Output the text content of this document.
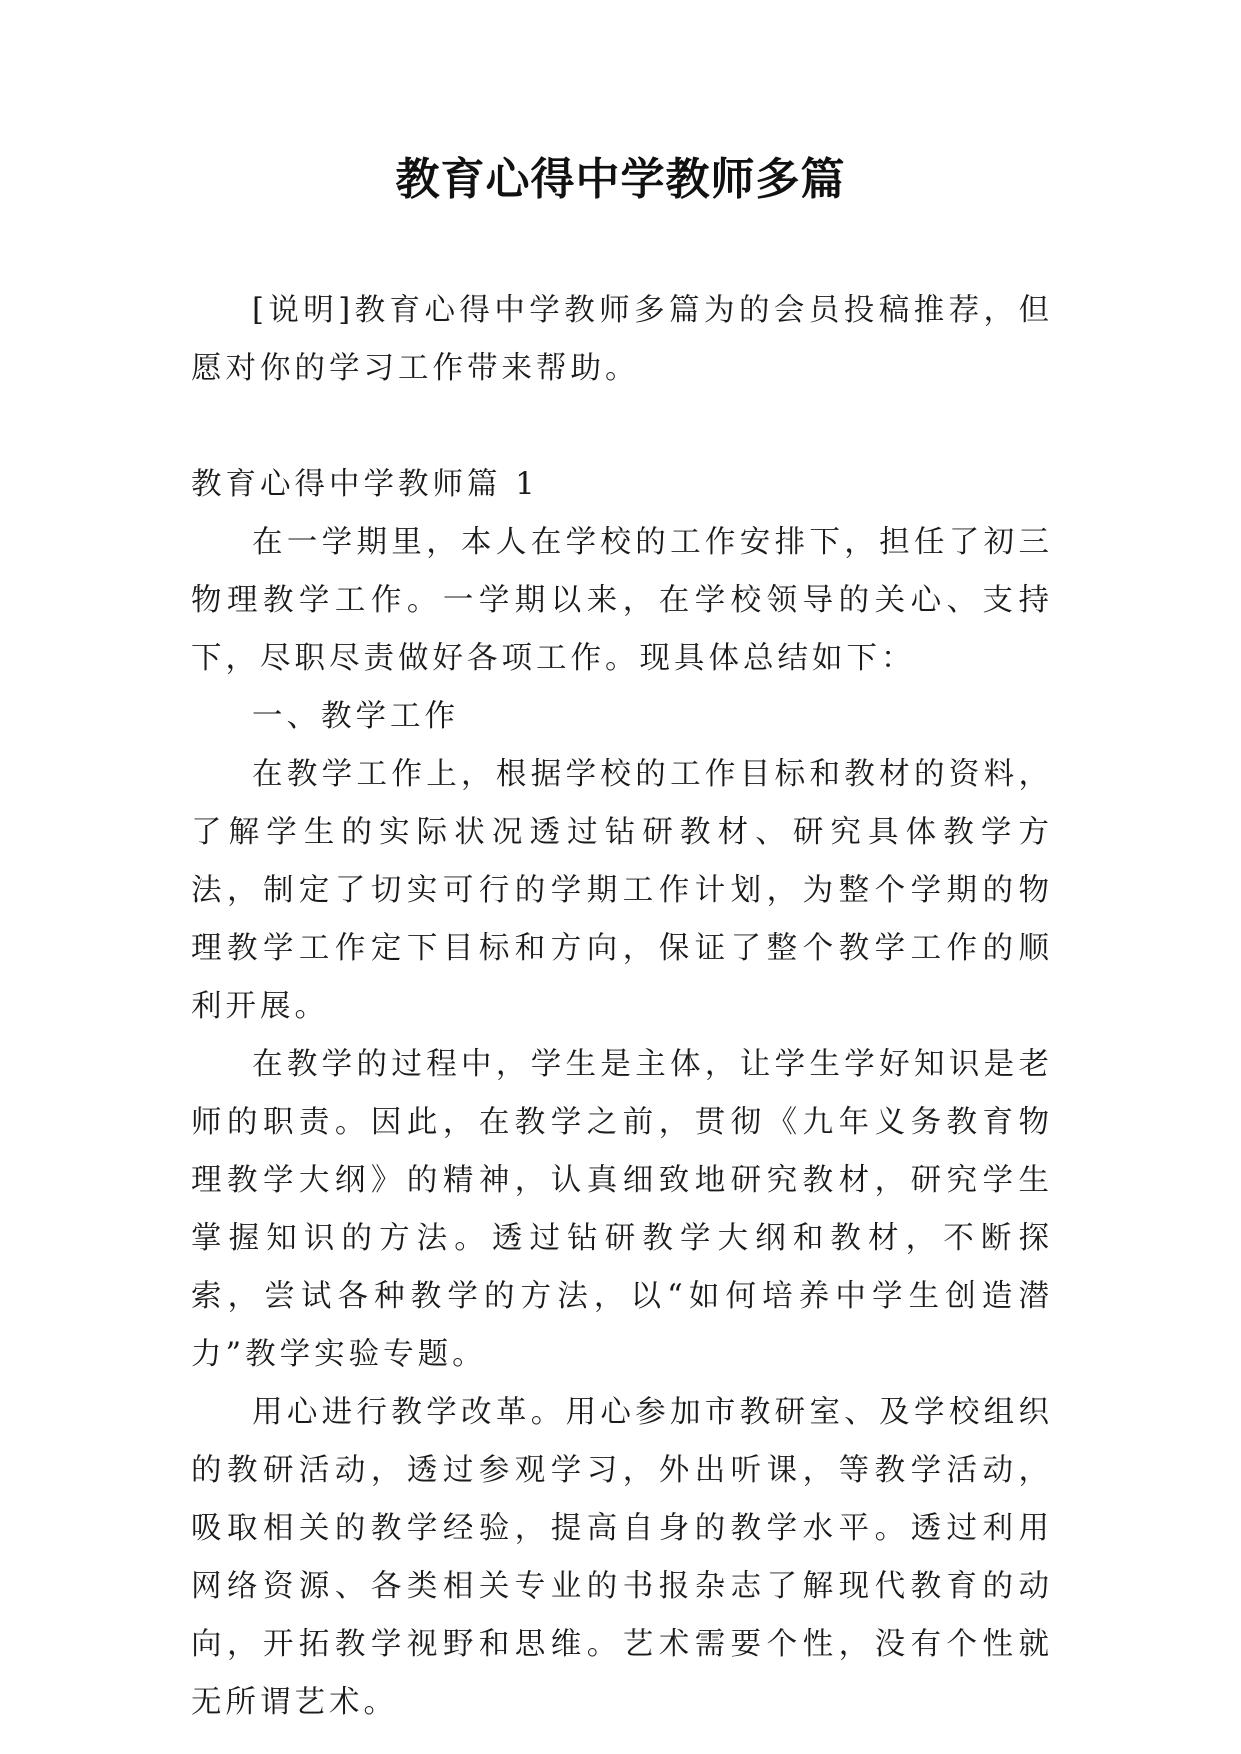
教育心得中学教师多篇

[说明]教育心得中学教师多篇为的会员投稿推荐，但愿对你的学习工作带来帮助。

教育心得中学教师篇 1

在一学期里，本人在学校的工作安排下，担任了初三物理教学工作。一学期以来，在学校领导的关心、支持下，尽职尽责做好各项工作。现具体总结如下：

一、教学工作

在教学工作上，根据学校的工作目标和教材的资料，了解学生的实际状况透过钻研教材、研究具体教学方法，制定了切实可行的学期工作计划，为整个学期的物理教学工作定下目标和方向，保证了整个教学工作的顺利开展。

在教学的过程中，学生是主体，让学生学好知识是老师的职责。因此，在教学之前，贯彻《九年义务教育物理教学大纲》的精神，认真细致地研究教材，研究学生掌握知识的方法。透过钻研教学大纲和教材，不断探索，尝试各种教学的方法，以“如何培养中学生创造潜力”教学实验专题。

用心进行教学改革。用心参加市教研室、及学校组织的教研活动，透过参观学习，外出听课，等教学活动，吸取相关的教学经验，提高自身的教学水平。透过利用网络资源、各类相关专业的书报杂志了解现代教育的动向，开拓教学视野和思维。艺术需要个性，没有个性就无所谓艺术。
